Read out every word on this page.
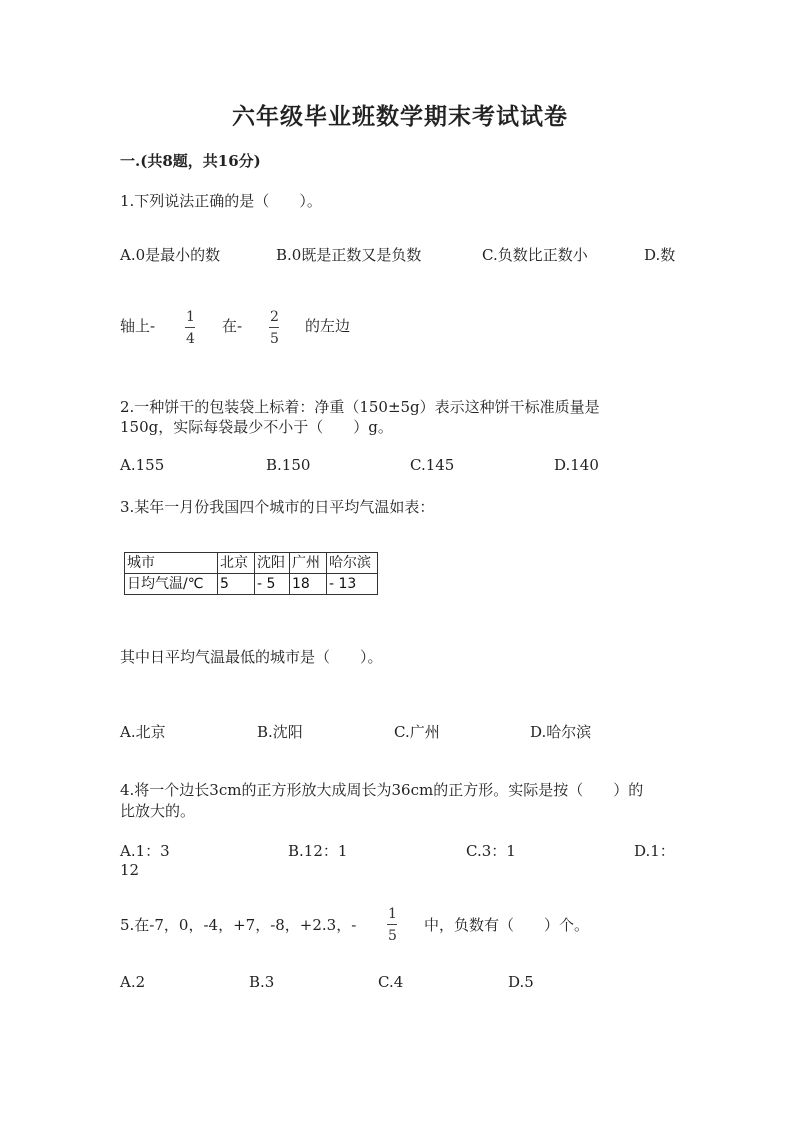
六年级毕业班数学期末考试试卷
一.(共8题，共16分)
1.下列说法正确的是（　　）。
A.0是最小的数	B.0既是正数又是负数	C.负数比正数小	D.数
轴上- 1
4
在- 2
5
的左边
2.一种饼干的包装袋上标着：净重（150±5g）表示这种饼干标准质量是
150g，实际每袋最少不小于（　　）g。
A.155	B.150	C.145	D.140
3.某年一月份我国四个城市的日平均气温如表：
城市	北京	沈阳	广州	哈尔滨
日均气温/℃	5	- 5	18	- 13
其中日平均气温最低的城市是（　　）。
A.北京	B.沈阳	C.广州	D.哈尔滨
4.将一个边长3cm的正方形放大成周长为36cm的正方形。实际是按（　　）的
比放大的。
A.1：3	B.12：1	C.3：1	D.1：
12
5.在-7，0，-4，+7，-8，+2.3，-
1
5
中，负数有（　　）个。
A.2	B.3	C.4	D.5
